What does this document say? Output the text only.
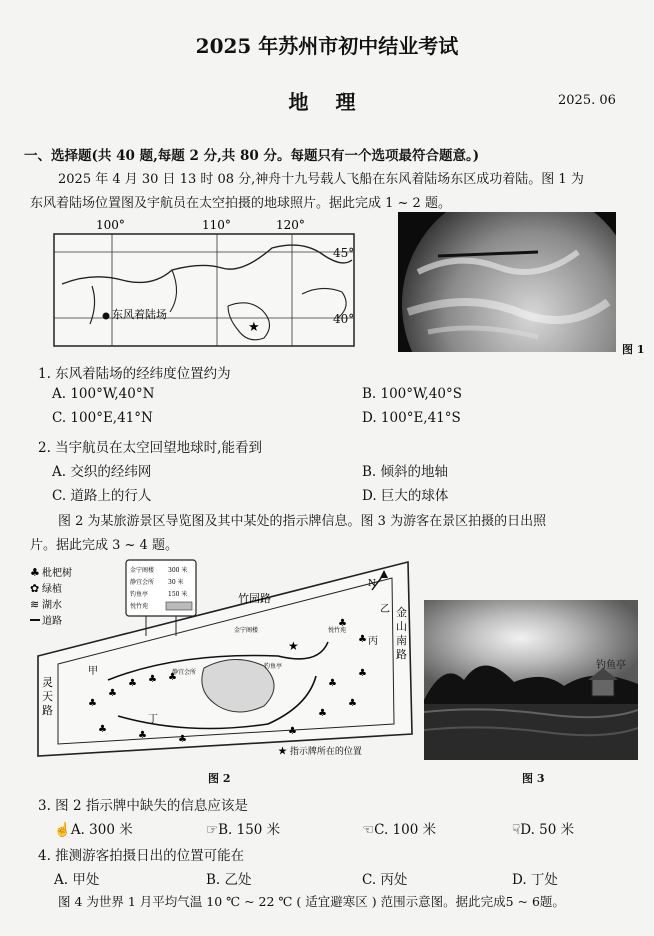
2025 年苏州市初中结业考试
地 理	2025. 06
一、选择题(共 40 题,每题 2 分,共 80 分。每题只有一个选项最符合题意。)
2025 年 4 月 30 日 13 时 08 分,神舟十九号载人飞船在东风着陆场东区成功着陆。图 1 为
东风着陆场位置图及宇航员在太空拍摄的地球照片。据此完成 1 ~ 2 题。
100°	110°	120°
东风着陆场
★
45°
40°
图 1
1. 东风着陆场的经纬度位置约为
A. 100°W,40°N	B. 100°W,40°S
C. 100°E,41°N	D. 100°E,41°S
2. 当宇航员在太空回望地球时,能看到
A. 交织的经纬网	B. 倾斜的地轴
C. 道路上的行人	D. 巨大的球体
图 2 为某旅游景区导览图及其中某处的指示牌信息。图 3 为游客在景区拍摄的日出照
片。据此完成 3 ~ 4 题。
♣ 枇杷树
✿ 绿植
≋ 湖水
道路
金宁阁楼 300 米
静宜会所 30 米
钓鱼亭	150 米
悦竹苑
竹园路
金山南路
灵天路
♣
♣
♣ ♣ ♣
♣
♣	♣
♣
♣
♣
♣
♣
♣
♣
甲
乙
丙
丁
金宁阁楼	悦竹苑
钓鱼亭
静宜会所
★
N
★ 指示牌所在的位置
图 2
钓鱼亭
图 3
3. 图 2 指示牌中缺失的信息应该是
☝A. 300 米	☞B. 150 米	☜C. 100 米	☟D. 50 米
4. 推测游客拍摄日出的位置可能在
A. 甲处	B. 乙处	C. 丙处	D. 丁处
图 4 为世界 1 月平均气温 10 ℃ ~ 22 ℃ ( 适宜避寒区 ) 范围示意图。据此完成5 ~ 6题。
